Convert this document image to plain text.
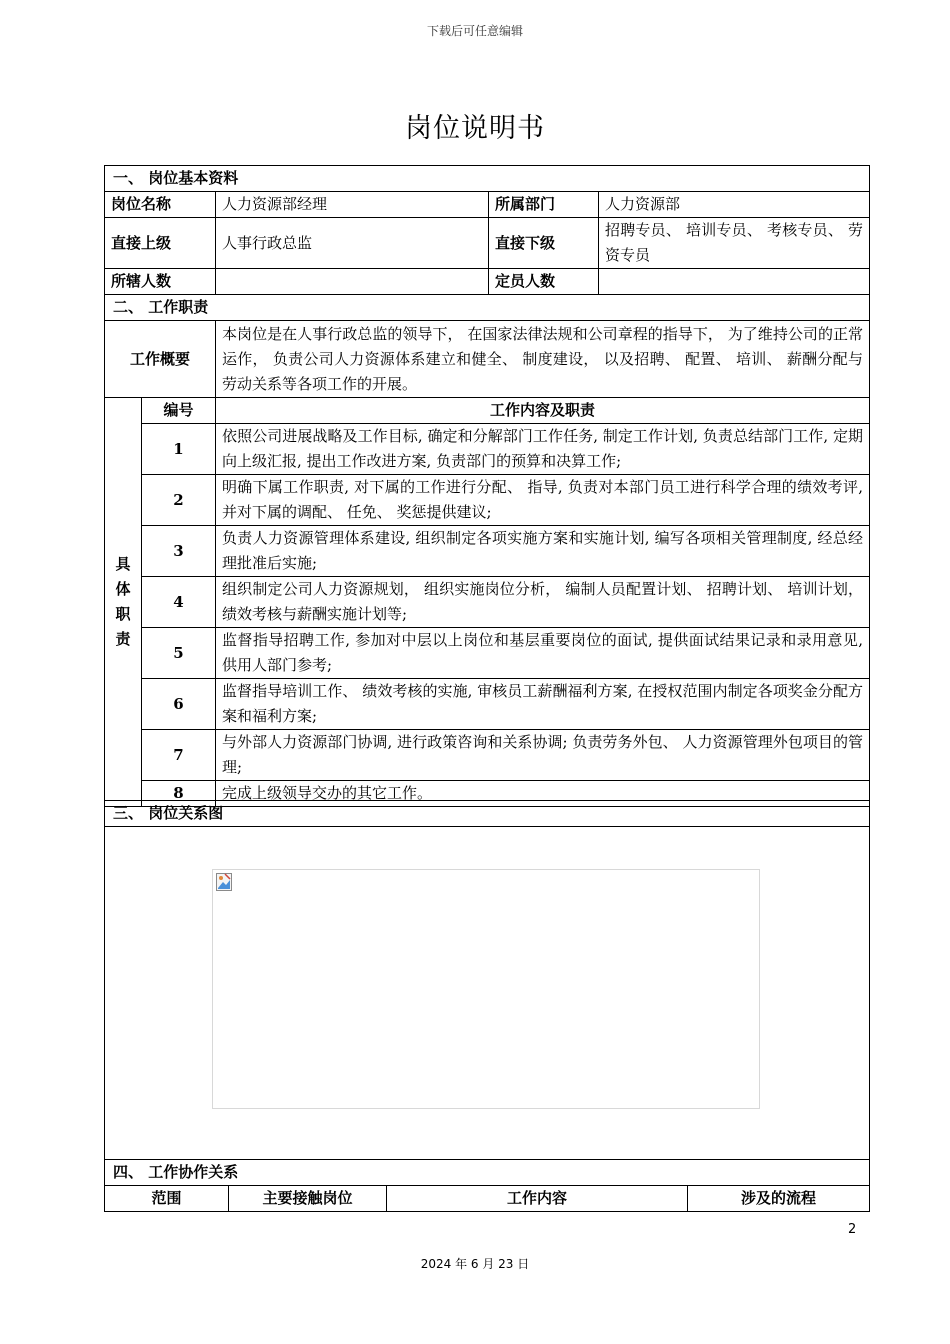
下载后可任意编辑
岗位说明书
一、 岗位基本资料				
岗位名称		人力资源部经理	所属部门	人力资源部
直接上级		人事行政总监	直接下级	招聘专员、 培训专员、 考核专员、 劳资专员
所辖人数			定员人数	
二、 工作职责				
工作概要		本岗位是在人事行政总监的领导下， 在国家法律法规和公司章程的指导下， 为了维持公司的正常运作， 负责公司人力资源体系建立和健全、 制度建设， 以及招聘、 配置、 培训、 薪酬分配与劳动关系等各项工作的开展。		
具
体
职
责	编号	工作内容及职责		
	1	依照公司进展战略及工作目标, 确定和分解部门工作任务, 制定工作计划, 负责总结部门工作, 定期向上级汇报, 提出工作改进方案, 负责部门的预算和决算工作;		
	2	明确下属工作职责, 对下属的工作进行分配、 指导, 负责对本部门员工进行科学合理的绩效考评, 并对下属的调配、 任免、 奖惩提供建议;		
	3	负责人力资源管理体系建设, 组织制定各项实施方案和实施计划, 编写各项相关管理制度, 经总经理批准后实施;		
	4	组织制定公司人力资源规划， 组织实施岗位分析， 编制人员配置计划、 招聘计划、 培训计划， 绩效考核与薪酬实施计划等;		
	5	监督指导招聘工作, 参加对中层以上岗位和基层重要岗位的面试, 提供面试结果记录和录用意见, 供用人部门参考;		
	6	监督指导培训工作、 绩效考核的实施, 审核员工薪酬福利方案, 在授权范围内制定各项奖金分配方案和福利方案;		
	7	与外部人力资源部门协调, 进行政策咨询和关系协调; 负责劳务外包、 人力资源管理外包项目的管理;		
	8	完成上级领导交办的其它工作。		
三、 岗位关系图

四、 工作协作关系
范围	主要接触岗位	工作内容	涉及的流程
2
2024 年 6 月 23 日
